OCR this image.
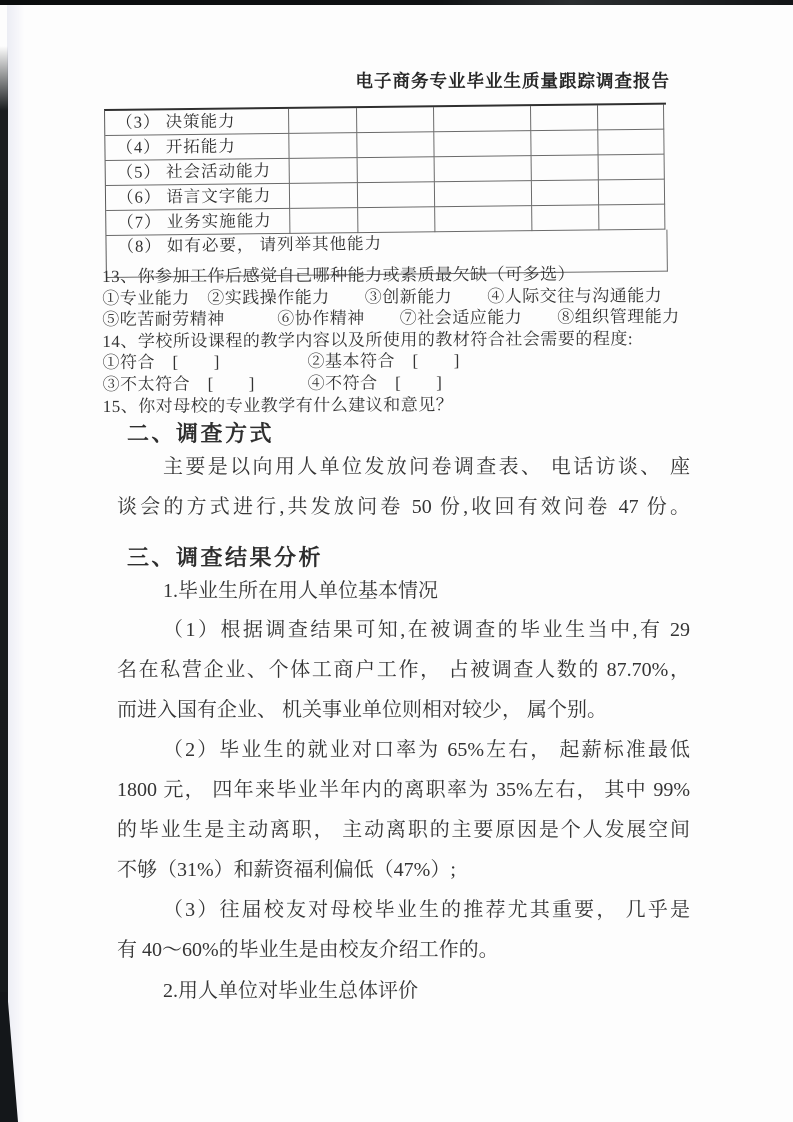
电子商务专业毕业生质量跟踪调查报告
（3） 决策能力
（4） 开拓能力
（5） 社会活动能力
（6） 语言文字能力
（7） 业务实施能力
（8） 如有必要， 请列举其他能力
13、你参加工作后感觉自己哪种能力或素质最欠缺（可多选）
①专业能力　②实践操作能力　　③创新能力　　④人际交往与沟通能力
⑤吃苦耐劳精神　　　⑥协作精神　　⑦社会适应能力　　⑧组织管理能力
14、学校所设课程的教学内容以及所使用的教材符合社会需要的程度:
①符合　[　　]	②基本符合　[　　]
③不太符合　[　　]	④不符合　[　　]
15、你对母校的专业教学有什么建议和意见？
二、调查方式
主要是以向用人单位发放问卷调查表、 电话访谈、 座
谈会的方式进行,共发放问卷 50 份,收回有效问卷 47 份。
三、调查结果分析
1.毕业生所在用人单位基本情况
（1）根据调查结果可知,在被调查的毕业生当中,有 29
名在私营企业、个体工商户工作， 占被调查人数的 87.70%，
而进入国有企业、 机关事业单位则相对较少， 属个别。
（2）毕业生的就业对口率为 65%左右， 起薪标准最低
1800 元， 四年来毕业半年内的离职率为 35%左右， 其中 99%
的毕业生是主动离职， 主动离职的主要原因是个人发展空间
不够（31%）和薪资福利偏低（47%）;
（3）往届校友对母校毕业生的推荐尤其重要， 几乎是
有 40～60%的毕业生是由校友介绍工作的。
2.用人单位对毕业生总体评价
